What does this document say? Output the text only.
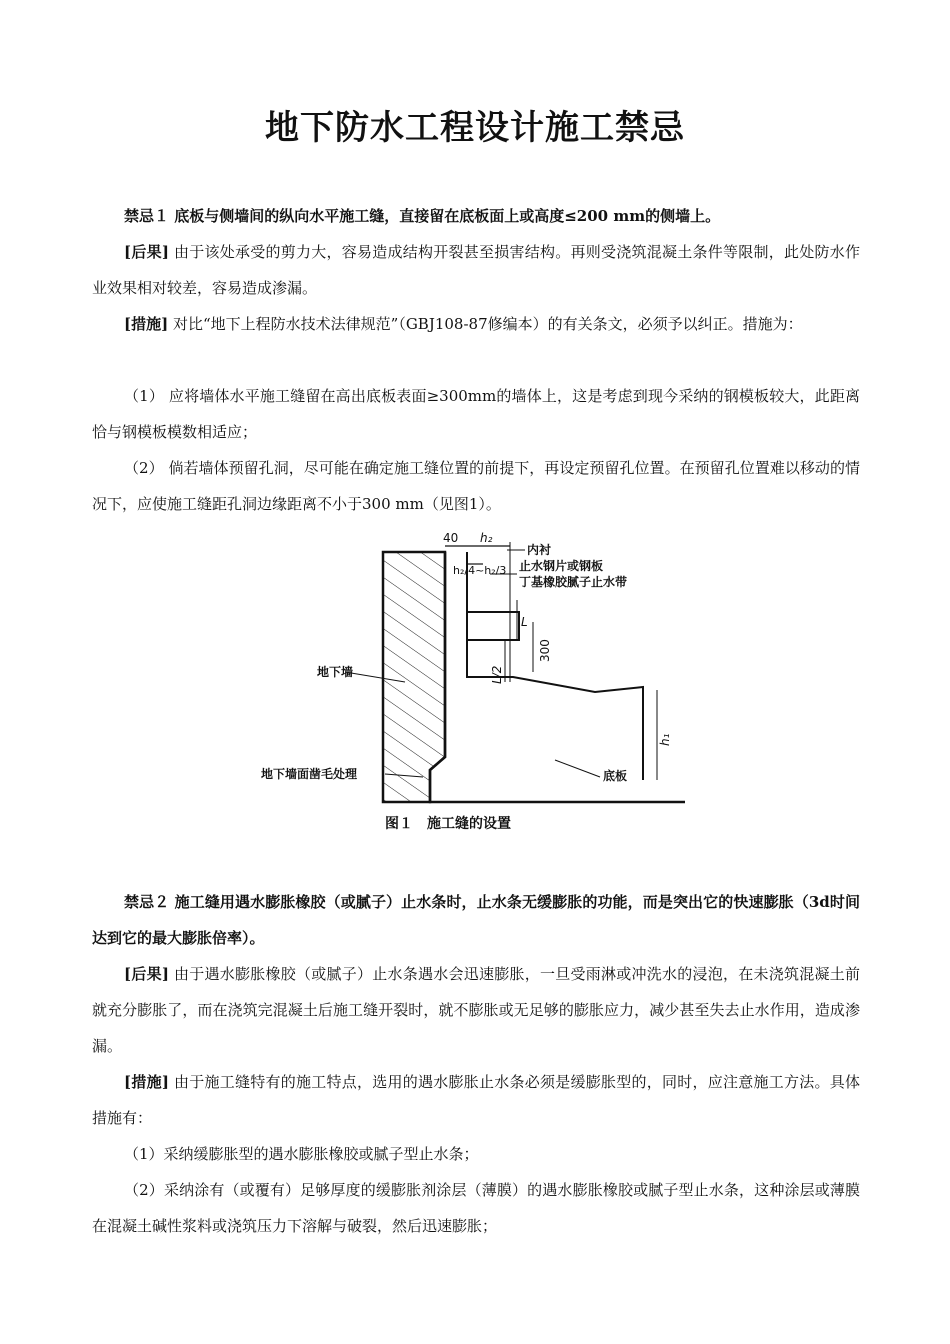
地下防水工程设计施工禁忌

禁忌１ 底板与侧墙间的纵向水平施工缝，直接留在底板面上或高度≤200 mm的侧墙上。

[后果] 由于该处承受的剪力大，容易造成结构开裂甚至损害结构。再则受浇筑混凝土条件等限制，此处防水作业效果相对较差，容易造成渗漏。

[措施] 对比“地下上程防水技术法律规范”（GBJ108-87修编本）的有关条文，必须予以纠正。措施为：

（1） 应将墙体水平施工缝留在高出底板表面≥300mm的墙体上，这是考虑到现今采纳的钢模板较大，此距离恰与钢模板模数相适应；

（2） 倘若墙体预留孔洞，尽可能在确定施工缝位置的前提下，再设定预留孔位置。在预留孔位置难以移动的情况下，应使施工缝距孔洞边缘距离不小于300 mm（见图1）。

40 h₂
h₂/4~h₂/3
内衬
止水钢片或钢板
丁基橡胶腻子止水带
L
300
L/2
h₁
地下墙
地下墙面凿毛处理	底板
图１　施工缝的设置

禁忌２ 施工缝用遇水膨胀橡胶（或腻子）止水条时，止水条无缓膨胀的功能，而是突出它的快速膨胀（3d时间达到它的最大膨胀倍率）。

[后果] 由于遇水膨胀橡胶（或腻子）止水条遇水会迅速膨胀，一旦受雨淋或冲洗水的浸泡，在未浇筑混凝土前就充分膨胀了，而在浇筑完混凝土后施工缝开裂时，就不膨胀或无足够的膨胀应力，减少甚至失去止水作用，造成渗漏。

[措施] 由于施工缝特有的施工特点，选用的遇水膨胀止水条必须是缓膨胀型的，同时，应注意施工方法。具体措施有：

（1）采纳缓膨胀型的遇水膨胀橡胶或腻子型止水条；

（2）采纳涂有（或覆有）足够厚度的缓膨胀剂涂层（薄膜）的遇水膨胀橡胶或腻子型止水条，这种涂层或薄膜在混凝土碱性浆料或浇筑压力下溶解与破裂，然后迅速膨胀；
